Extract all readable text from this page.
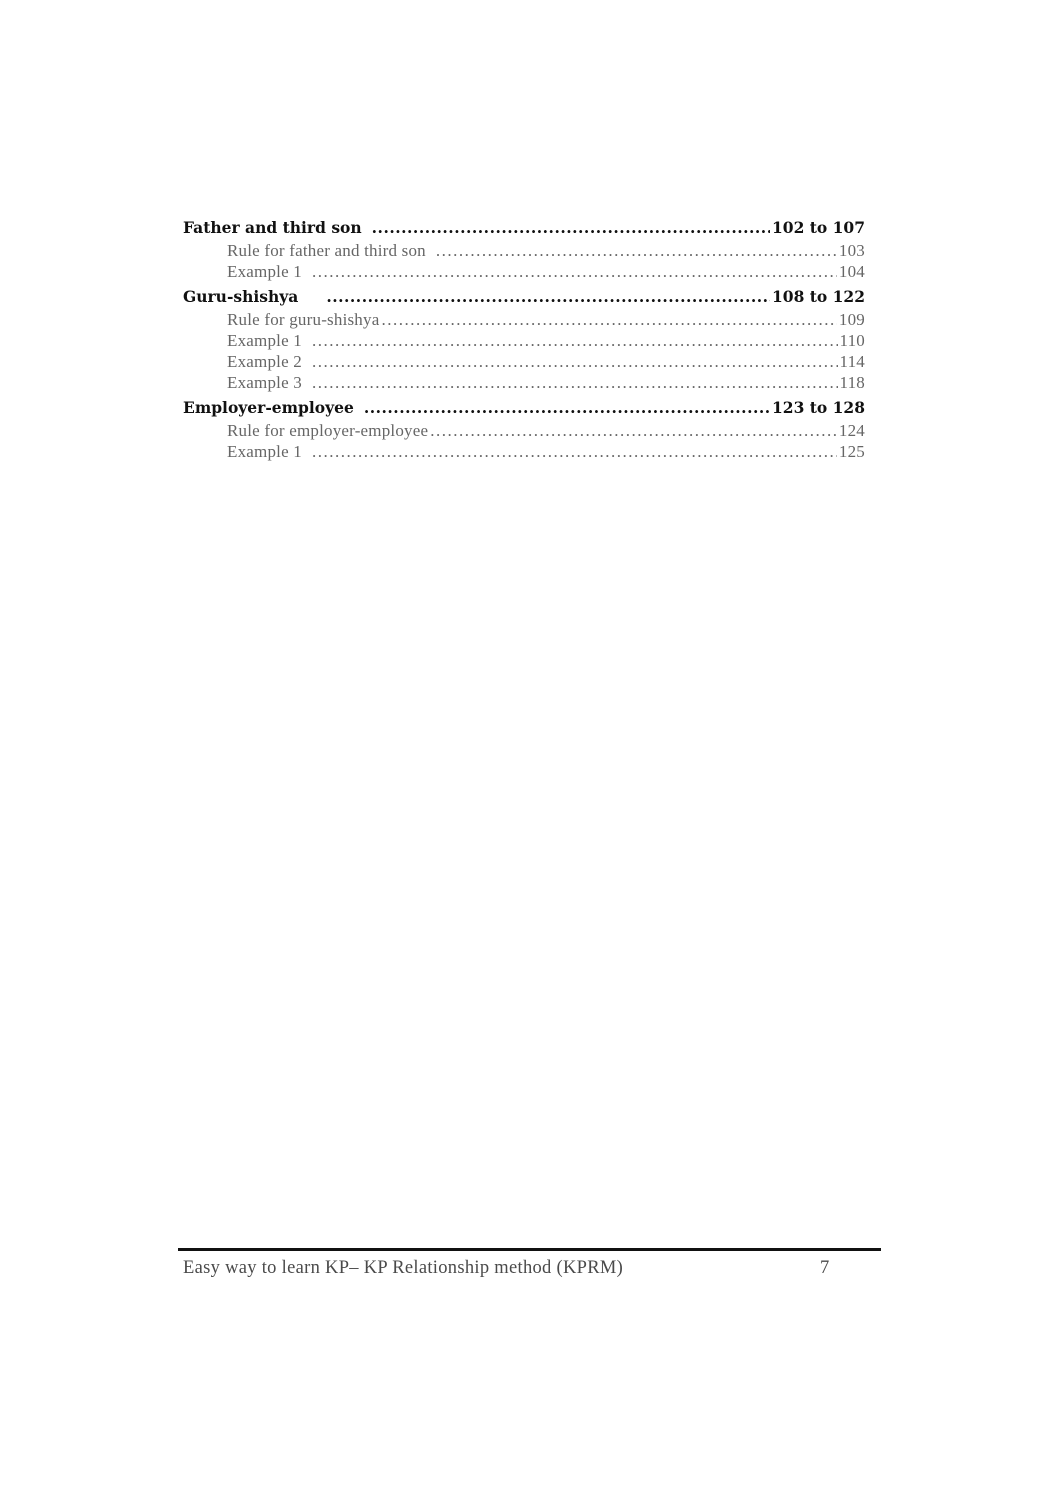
Father and third son .....	102 to 107
Rule for father and third son .....	103
Example 1 .....	104
Guru-shishya .....	108 to 122
Rule for guru-shishya .....	109
Example 1 .....	110
Example 2 .....	114
Example 3 .....	118
Employer-employee .....	123 to 128
Rule for employer-employee .....	124
Example 1 .....	125
Easy way to learn KP– KP Relationship method (KPRM)	7
